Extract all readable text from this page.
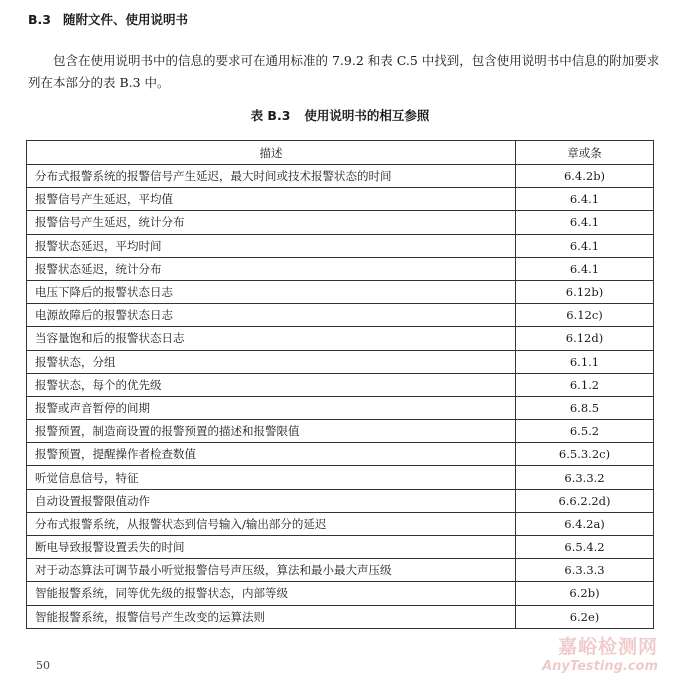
B.3 随附文件、使用说明书
包含在使用说明书中的信息的要求可在通用标准的 7.9.2 和表 C.5 中找到，包含使用说明书中信息的附加要求列在本部分的表 B.3 中。
表 B.3 使用说明书的相互参照
描述	章或条
分布式报警系统的报警信号产生延迟，最大时间或技术报警状态的时间	6.4.2b)
报警信号产生延迟，平均值	6.4.1
报警信号产生延迟，统计分布	6.4.1
报警状态延迟，平均时间	6.4.1
报警状态延迟，统计分布	6.4.1
电压下降后的报警状态日志	6.12b)
电源故障后的报警状态日志	6.12c)
当容量饱和后的报警状态日志	6.12d)
报警状态，分组	6.1.1
报警状态，每个的优先级	6.1.2
报警或声音暂停的间期	6.8.5
报警预置，制造商设置的报警预置的描述和报警限值	6.5.2
报警预置，提醒操作者检查数值	6.5.3.2c)
听觉信息信号，特征	6.3.3.2
自动设置报警限值动作	6.6.2.2d)
分布式报警系统，从报警状态到信号输入/输出部分的延迟	6.4.2a)
断电导致报警设置丢失的时间	6.5.4.2
对于动态算法可调节最小听觉报警信号声压级，算法和最小最大声压级	6.3.3.3
智能报警系统，同等优先级的报警状态，内部等级	6.2b)
智能报警系统，报警信号产生改变的运算法则	6.2e)
50
嘉峪检测网
AnyTesting.com
